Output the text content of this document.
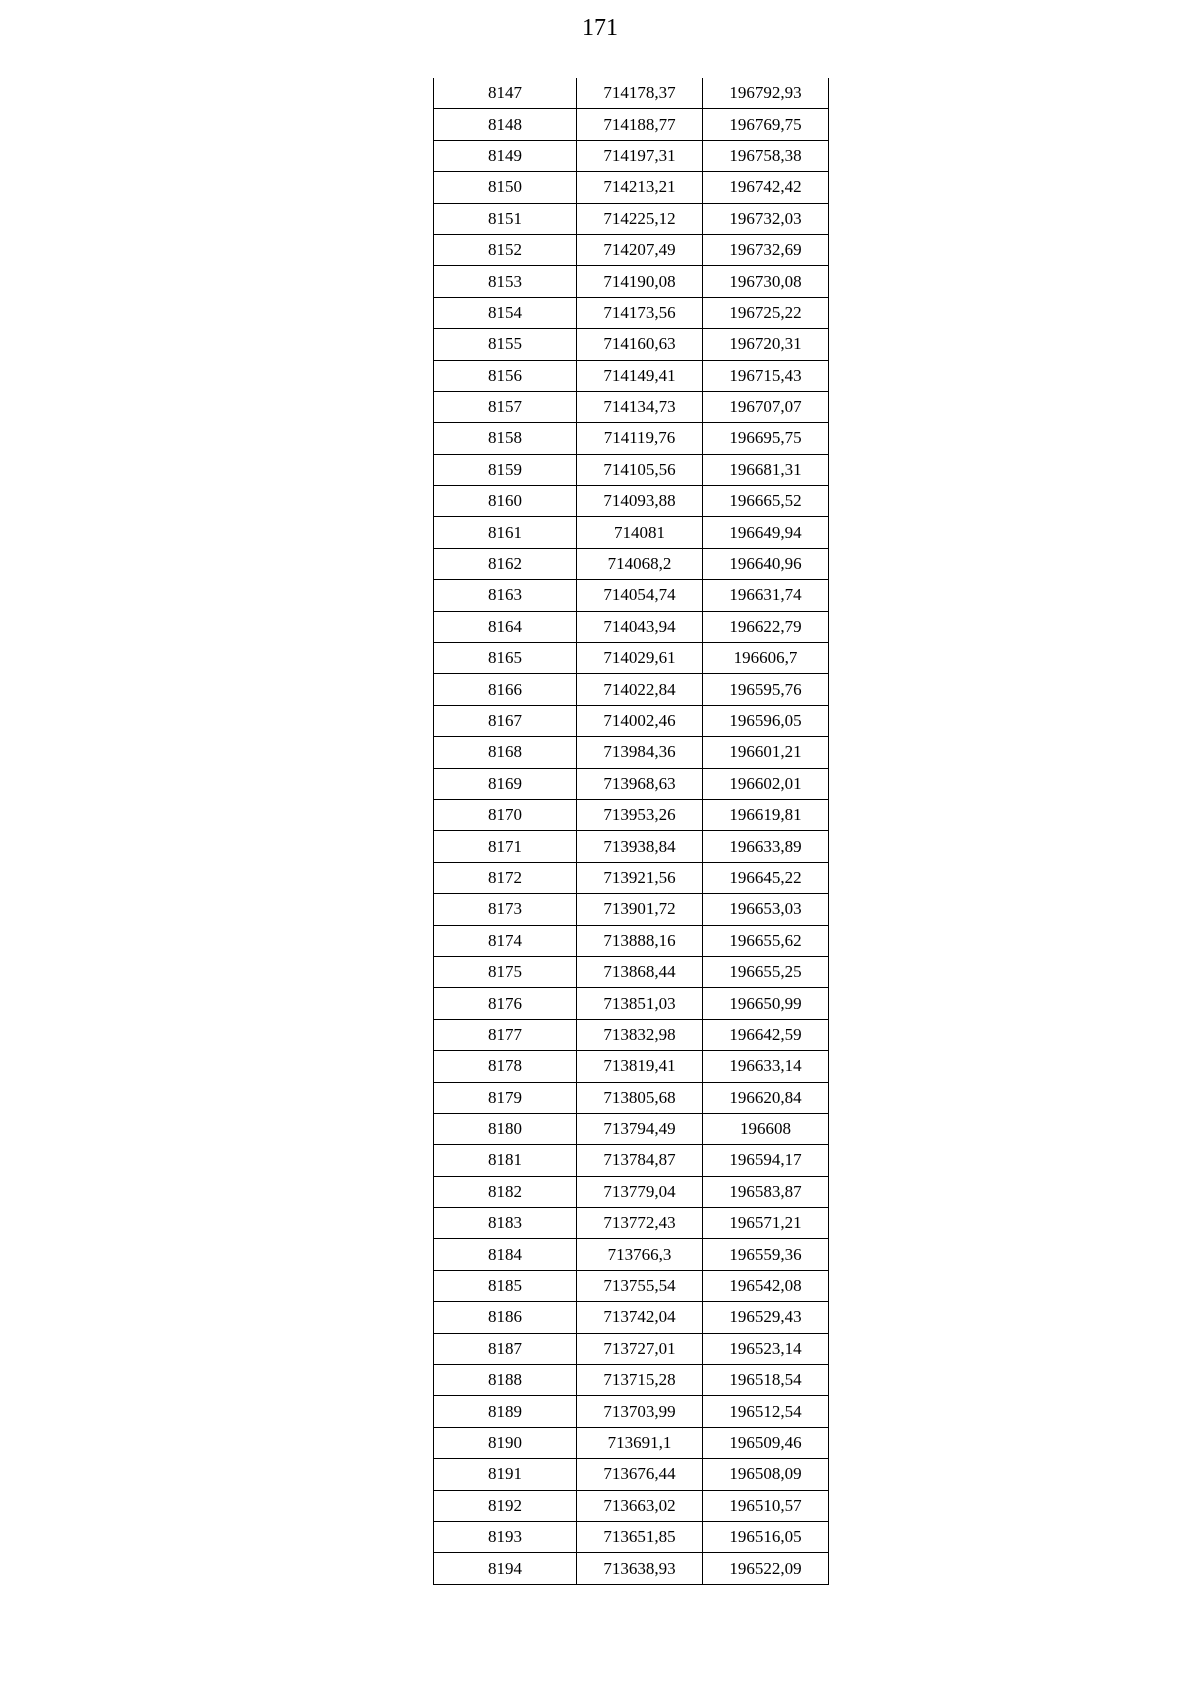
171
8147	714178,37	196792,93
8148	714188,77	196769,75
8149	714197,31	196758,38
8150	714213,21	196742,42
8151	714225,12	196732,03
8152	714207,49	196732,69
8153	714190,08	196730,08
8154	714173,56	196725,22
8155	714160,63	196720,31
8156	714149,41	196715,43
8157	714134,73	196707,07
8158	714119,76	196695,75
8159	714105,56	196681,31
8160	714093,88	196665,52
8161	714081	196649,94
8162	714068,2	196640,96
8163	714054,74	196631,74
8164	714043,94	196622,79
8165	714029,61	196606,7
8166	714022,84	196595,76
8167	714002,46	196596,05
8168	713984,36	196601,21
8169	713968,63	196602,01
8170	713953,26	196619,81
8171	713938,84	196633,89
8172	713921,56	196645,22
8173	713901,72	196653,03
8174	713888,16	196655,62
8175	713868,44	196655,25
8176	713851,03	196650,99
8177	713832,98	196642,59
8178	713819,41	196633,14
8179	713805,68	196620,84
8180	713794,49	196608
8181	713784,87	196594,17
8182	713779,04	196583,87
8183	713772,43	196571,21
8184	713766,3	196559,36
8185	713755,54	196542,08
8186	713742,04	196529,43
8187	713727,01	196523,14
8188	713715,28	196518,54
8189	713703,99	196512,54
8190	713691,1	196509,46
8191	713676,44	196508,09
8192	713663,02	196510,57
8193	713651,85	196516,05
8194	713638,93	196522,09
